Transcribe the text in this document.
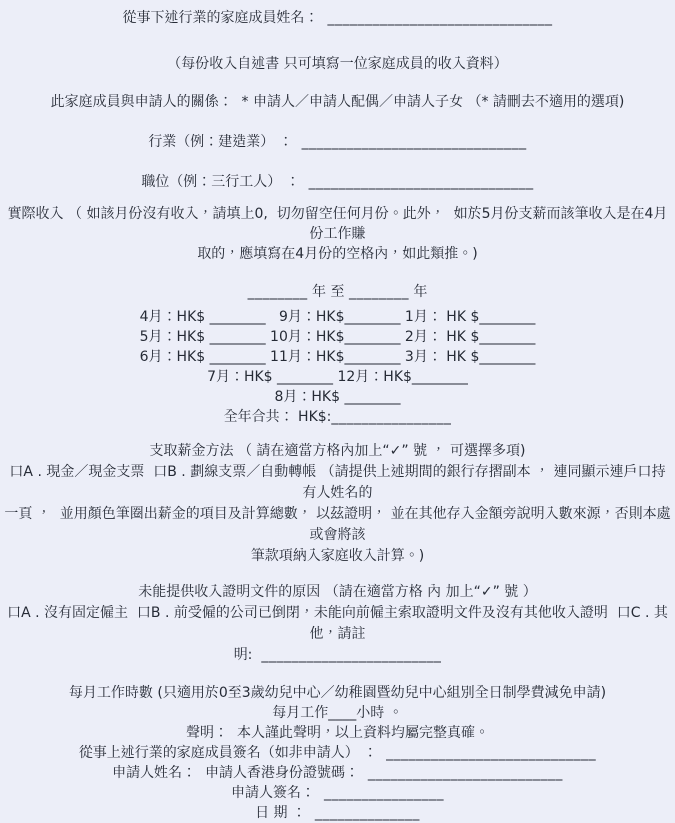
從事下述行業的家庭成員姓名：  ______________________________
（每份收入自述書 只可填寫一位家庭成員的收入資料）
此家庭成員與申請人的關係：  * 申請人／申請人配偶／申請人子女 （* 請刪去不適用的選項)
行業（例：建造業） ：  ______________________________
職位（例：三行工人） ：  ______________________________
實際收入 （ 如該月份沒有收入，請填上0,  切勿留空任何月份。此外，  如於5月份支薪而該筆收入是在4月份工作賺
取的，應填寫在4月份的空格內，如此類推。)
________ 年 至 ________ 年
4月：HK$ ________   9月：HK$________ 1月： HK $________
5月：HK$ ________ 10月：HK$________ 2月： HK $________
6月：HK$ ________ 11月：HK$________ 3月： HK $________
7月：HK$ ________ 12月：HK$________
8月：HK$ ________
全年合共： HK$:________________
支取薪金方法 （ 請在適當方格內加上“✓” 號 ， 可選擇多項)
口A . 現金／現金支票  口B . 劃線支票／自動轉帳 （請提供上述期間的銀行存摺副本 ， 連同顯示連戶口持有人姓名的
一頁 ，  並用顏色筆圈出薪金的項目及計算總數， 以茲證明， 並在其他存入金額旁說明入數來源，否則本處或會將該
筆款項納入家庭收入計算。)
未能提供收入證明文件的原因 （請在適當方格 內 加上“✓” 號 ）
口A . 沒有固定僱主  口B . 前受僱的公司已倒閉，未能向前僱主索取證明文件及沒有其他收入證明  口C . 其他，請註
明:  ________________________
每月工作時數 (只適用於0至3歲幼兒中心／幼稚園暨幼兒中心組別全日制學費減免申請)
每月工作____小時 。
聲明：  本人謹此聲明，以上資料均屬完整真確。
從事上述行業的家庭成員簽名（如非申請人） ：  ____________________________
申請人姓名：  申請人香港身份證號碼：  __________________________
申請人簽名：  ________________
日 期 ：  ______________
